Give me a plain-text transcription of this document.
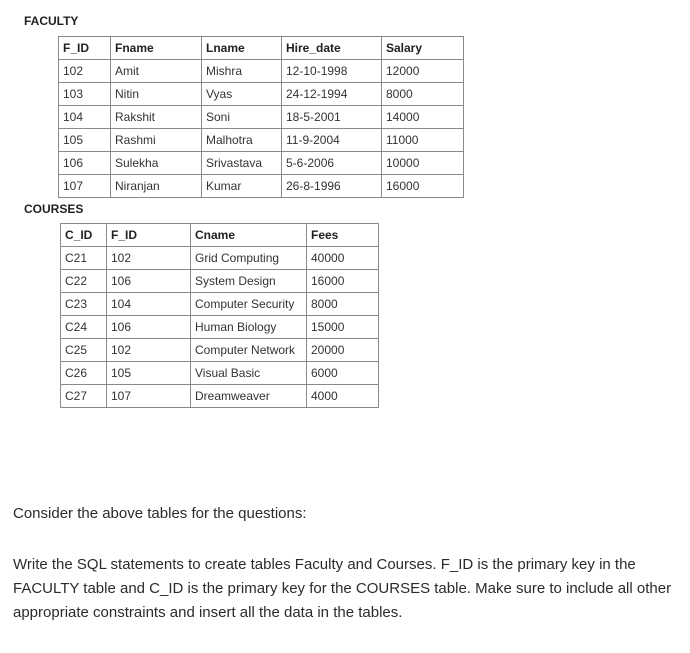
FACULTY
F_ID	Fname	Lname	Hire_date	Salary
102	Amit	Mishra	12-10-1998	12000
103	Nitin	Vyas	24-12-1994	8000
104	Rakshit	Soni	18-5-2001	14000
105	Rashmi	Malhotra	11-9-2004	11000
106	Sulekha	Srivastava	5-6-2006	10000
107	Niranjan	Kumar	26-8-1996	16000
COURSES
C_ID	F_ID	Cname	Fees
C21	102	Grid Computing	40000
C22	106	System Design	16000
C23	104	Computer Security	8000
C24	106	Human Biology	15000
C25	102	Computer Network	20000
C26	105	Visual Basic	6000
C27	107	Dreamweaver	4000
Consider the above tables for the questions:
Write the SQL statements to create tables Faculty and Courses. F_ID is the primary key in the FACULTY table and C_ID is the primary key for the COURSES table. Make sure to include all other appropriate constraints and insert all the data in the tables.
